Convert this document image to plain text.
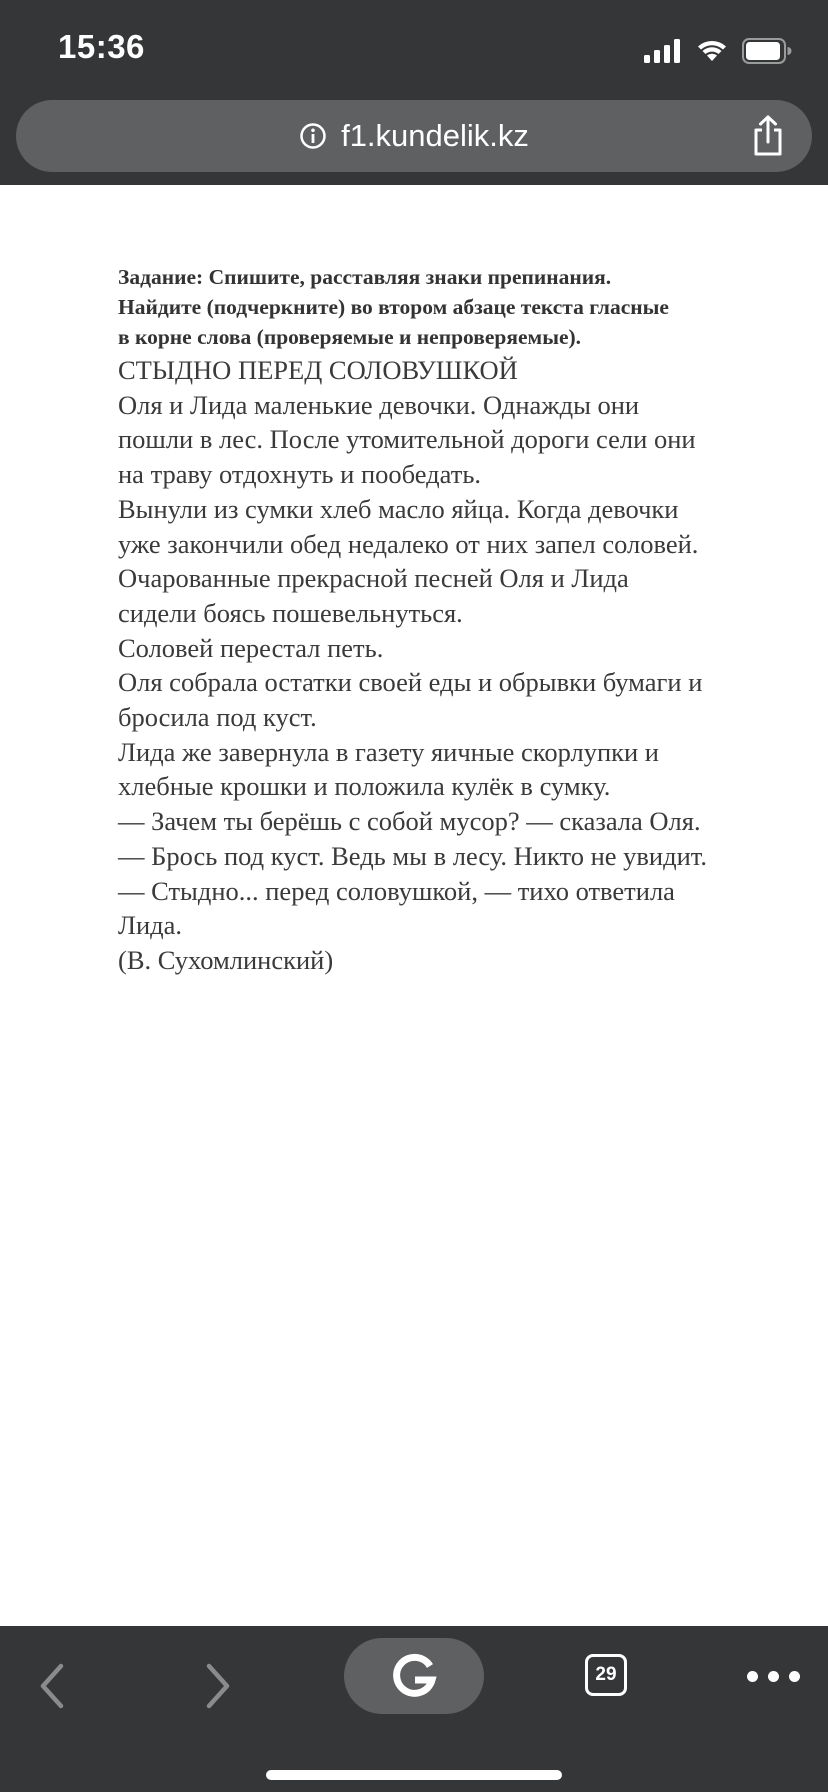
15:36
f1.kundelik.kz
Задание: Спишите, расставляя знаки препинания.
Найдите (подчеркните) во втором абзаце текста гласные
в корне слова (проверяемые и непроверяемые).
СТЫДНО ПЕРЕД СОЛОВУШКОЙ
Оля и Лида маленькие девочки. Однажды они
пошли в лес. После утомительной дороги сели они
на траву отдохнуть и пообедать.
Вынули из сумки хлеб масло яйца. Когда девочки
уже закончили обед недалеко от них запел соловей.
Очарованные прекрасной песней Оля и Лида
сидели боясь пошевельнуться.
Соловей перестал петь.
Оля собрала остатки своей еды и обрывки бумаги и
бросила под куст.
Лида же завернула в газету яичные скорлупки и
хлебные крошки и положила кулёк в сумку.
— Зачем ты берёшь с собой мусор? — сказала Оля.
— Брось под куст. Ведь мы в лесу. Никто не увидит.
— Стыдно... перед соловушкой, — тихо ответила
Лида.
(В. Сухомлинский)
29
